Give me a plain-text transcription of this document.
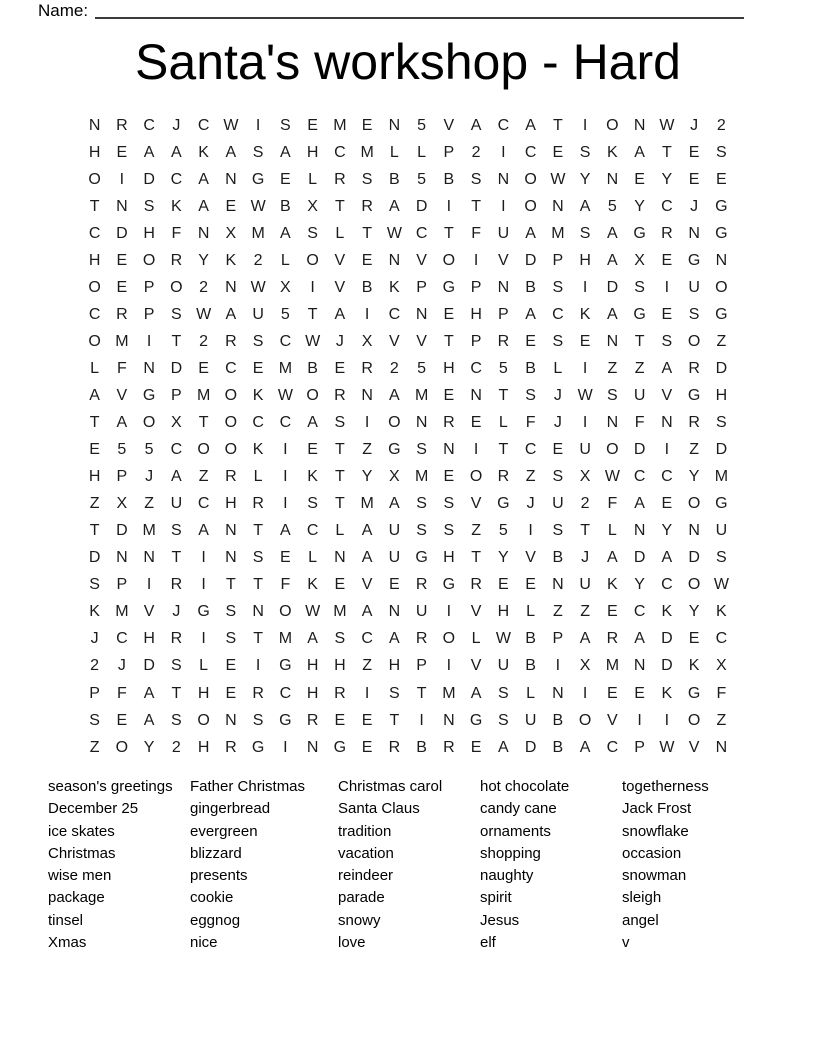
Name:
Santa's workshop - Hard
N R C	J	C W	I	S	E M E	N	5	V	A	C	A	T	I	O N W J	2
H	E	A	A	K	A	S	A	H C M	L	L	P	2	I	C	E	S	K	A	T	E	S
O	I	D C	A	N G E	L	R	S	B	5	B	S	N O W Y	N	E	Y	E	E
T	N	S	K	A	E W B	X	T	R	A	D	I	T	I	O N	A	5	Y	C	J	G
C D H	F	N	X M A	S	L	T W C	T	F	U	A M S	A G R N G
H	E O R	Y	K	2	L	O V	E	N	V O	I	V	D	P	H	A	X	E G N
O E	P O	2	N W X	I	V	B	K	P G P	N	B	S	I	D	S	I	U O
C R	P	S W A	U	5	T	A	I	C N	E	H	P	A	C	K	A G E	S G
O M	I	T	2	R	S	C W J	X	V	V	T	P	R	E	S	E	N	T	S O	Z
L	F	N D	E	C	E M B	E	R	2	5	H C	5	B	L	I	Z	Z	A	R D
A	V G P M O K W O R N	A M E	N	T	S	J W S	U	V G H
T	A O X	T	O C C	A	S	I	O N R	E	L	F	J	I	N	F	N R	S
E	5	5	C O O K	I	E	T	Z	G S	N	I	T	C	E	U O D	I	Z	D
H	P	J	A	Z	R	L	I	K	T	Y	X M E O R	Z	S	X W C C	Y M
Z	X	Z	U C H R	I	S	T M A	S	S	V G	J	U	2	F	A	E O G
T	D M S	A	N	T	A	C	L	A	U	S	S	Z	5	I	S	T	L	N	Y	N U
D N N	T	I	N	S	E	L	N	A	U G H	T	Y	V	B	J	A	D	A	D	S
S	P	I	R	I	T	T	F	K	E	V	E	R G R	E	E	N U	K	Y	C O W
K M V	J	G S	N O W M A	N U	I	V	H	L	Z	Z	E	C	K	Y	K
J	C H R	I	S	T M A	S	C	A	R O	L W B	P	A	R	A	D	E	C
2	J	D	S	L	E	I	G H H	Z	H	P	I	V	U	B	I	X M N D	K	X
P	F	A	T	H	E	R C H R	I	S	T M A	S	L	N	I	E	E	K G	F
S	E	A	S O N	S G R	E	E	T	I	N G S	U	B O V	I	I	O	Z
Z	O Y	2	H R G	I	N G E	R	B	R	E	A	D	B	A	C	P W V	N
season's greetings
December 25
ice skates
Christmas
wise men
package
tinsel
Xmas
Father Christmas
gingerbread
evergreen
blizzard
presents
cookie
eggnog
nice
Christmas carol
Santa Claus
tradition
vacation
reindeer
parade
snowy
love
hot chocolate
candy cane
ornaments
shopping
naughty
spirit
Jesus
elf
togetherness
Jack Frost
snowflake
occasion
snowman
sleigh
angel
v
